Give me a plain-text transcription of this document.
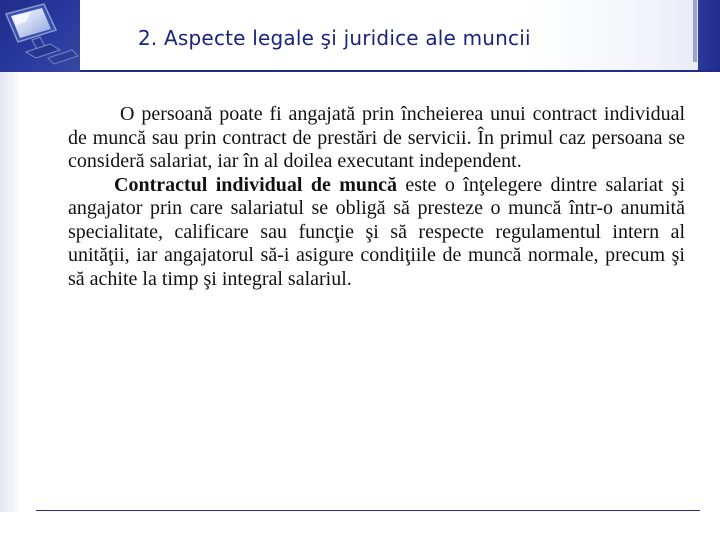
2. Aspecte legale şi juridice ale muncii

O persoană poate fi angajată prin încheierea unui contract individual de muncă sau prin contract de prestări de servicii. În primul caz persoana se consideră salariat, iar în al doilea executant independent.

Contractul individual de muncă este o înţelegere dintre salariat şi angajator prin care salariatul se obligă să presteze o muncă într-o anumită specialitate, calificare sau funcţie şi să respecte regulamentul intern al unităţii, iar angajatorul să-i asigure condiţiile de muncă normale, precum şi să achite la timp şi integral salariul.
